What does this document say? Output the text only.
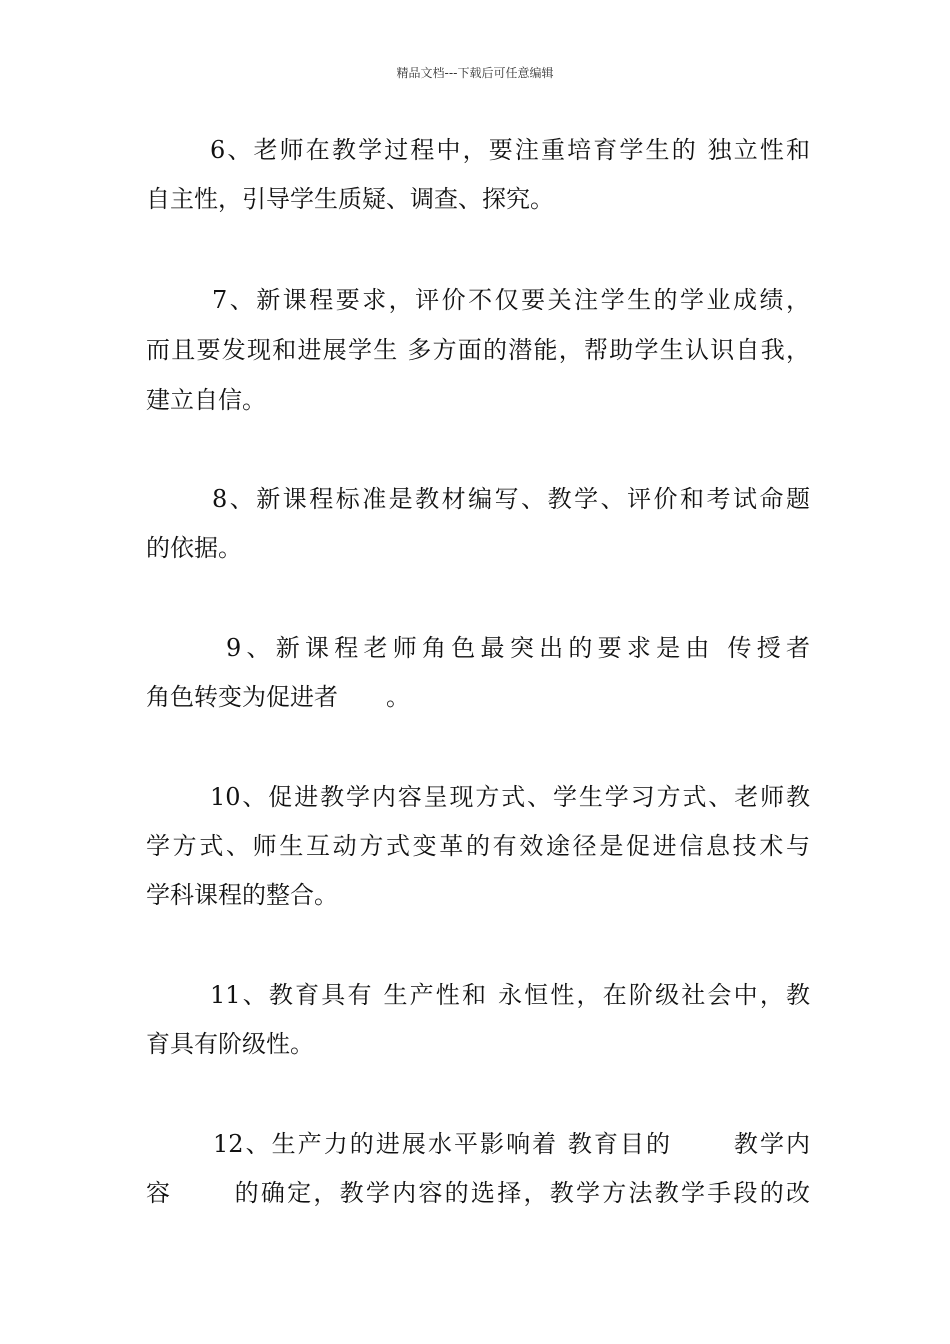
精品文档---下载后可任意编辑
6、老师在教学过程中，要注重培育学生的 独立性和
自主性，引导学生质疑、调查、探究。
7、新课程要求，评价不仅要关注学生的学业成绩，
而且要发现和进展学生 多方面的潜能，帮助学生认识自我，
建立自信。
8、新课程标准是教材编写、教学、评价和考试命题
的依据。
9、新课程老师角色最突出的要求是由 传授者
角色转变为促进者　　。
10、促进教学内容呈现方式、学生学习方式、老师教
学方式、师生互动方式变革的有效途径是促进信息技术与
学科课程的整合。
11、教育具有 生产性和 永恒性，在阶级社会中，教
育具有阶级性。
12、生产力的进展水平影响着 教育目的　　 教学内
容　　 的确定，教学内容的选择，教学方法教学手段的改
